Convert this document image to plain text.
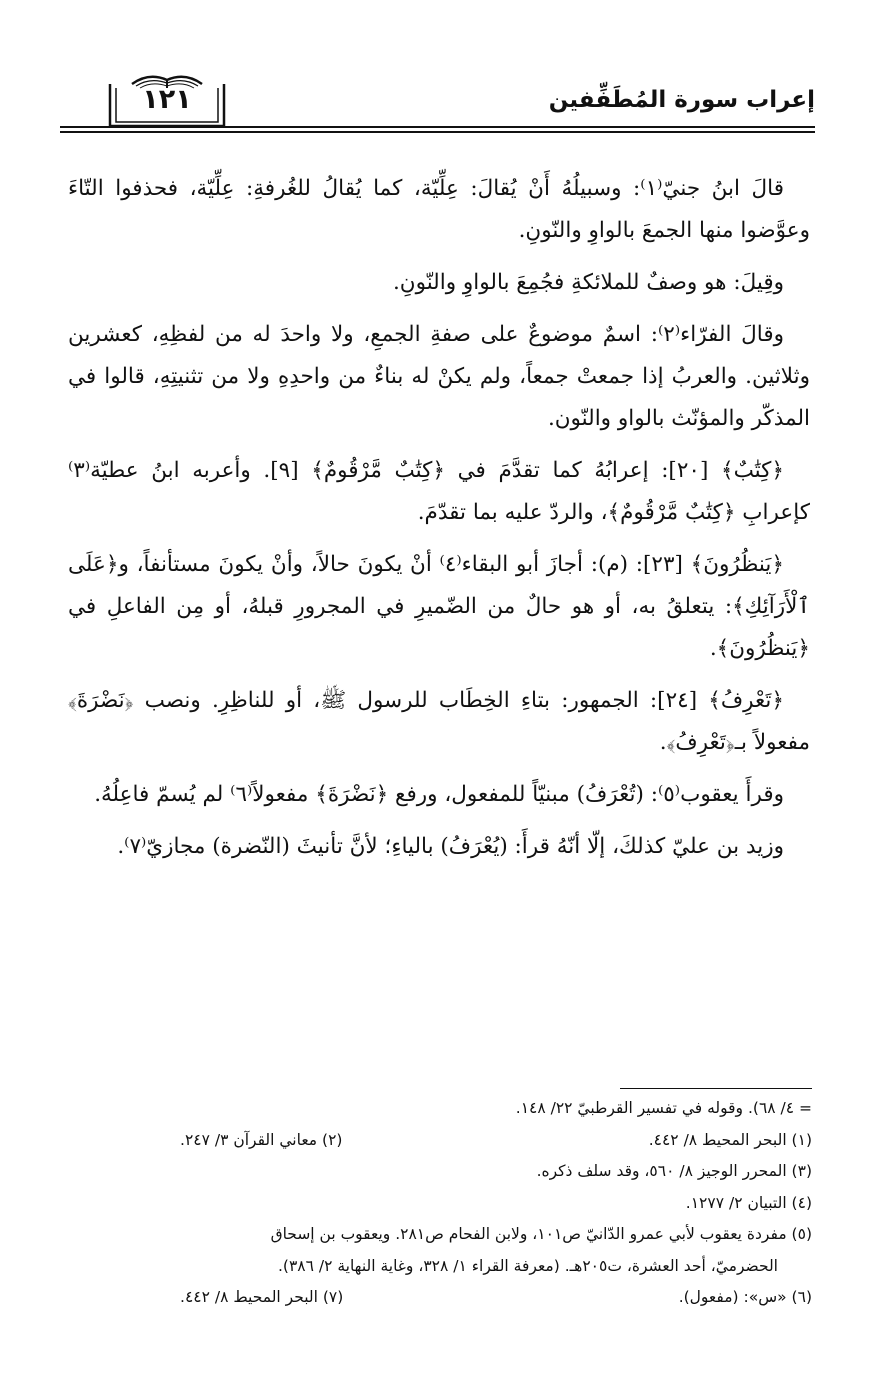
١٢١	إعراب سورة المُطَفِّفين

قالَ ابنُ جنيّ⁽١⁾: وسبيلُهُ أَنْ يُقالَ: عِلِّيّة، كما يُقالُ للغُرفةِ: عِلِّيّة، فحذفوا التّاءَ وعوَّضوا منها الجمعَ بالواوِ والنّونِ.

وقِيلَ: هو وصفٌ للملائكةِ فجُمِعَ بالواوِ والنّونِ.

وقالَ الفرّاء⁽٢⁾: اسمٌ موضوعٌ على صفةِ الجمعِ، ولا واحدَ له من لفظِهِ، كعشرين وثلاثين. والعربُ إذا جمعتْ جمعاً، ولم يكنْ له بناءٌ من واحدِهِ ولا من تثنيتِهِ، قالوا في المذكّر والمؤنّث بالواو والنّون.

﴿كِتَٰبٌ﴾ [٢٠]: إعرابُهُ كما تقدَّمَ في ﴿كِتَٰبٌ مَّرْقُومٌ﴾ [٩]. وأعربه ابنُ عطيّة⁽٣⁾ كإعرابِ ﴿كِتَٰبٌ مَّرْقُومٌ﴾، والردّ عليه بما تقدّمَ.

﴿يَنظُرُونَ﴾ [٢٣]: (م): أجازَ أبو البقاء⁽٤⁾ أنْ يكونَ حالاً، وأنْ يكونَ مستأنفاً، و﴿عَلَى ٱلْأَرَآئِكِ﴾: يتعلقُ به، أو هو حالٌ من الضّميرِ في المجرورِ قبلهُ، أو مِن الفاعلِ في ﴿يَنظُرُونَ﴾.

﴿تَعْرِفُ﴾ [٢٤]: الجمهور: بتاءِ الخِطَاب للرسول ﷺ، أو للناظِرِ. ونصب ﴿نَضْرَةَ﴾ مفعولاً بـ﴿تَعْرِفُ﴾.

وقرأَ يعقوب⁽٥⁾: (تُعْرَفُ) مبنيّاً للمفعول، ورفع ﴿نَضْرَةَ﴾ مفعولاً⁽٦⁾ لم يُسمّ فاعِلُهُ.

وزيد بن عليّ كذلكَ، إلّا أنّهُ قرأَ: (يُعْرَفُ) بالياءِ؛ لأنَّ تأنيثَ (النّضرة) مجازيّ⁽٧⁾.

= ٤/ ٦٨). وقوله في تفسير القرطبيّ ٢٢/ ١٤٨.
(١) البحر المحيط ٨/ ٤٤٢.
(٢) معاني القرآن ٣/ ٢٤٧.
(٣) المحرر الوجيز ٨/ ٥٦٠، وقد سلف ذكره.
(٤) التبيان ٢/ ١٢٧٧.
(٥) مفردة يعقوب لأبي عمرو الدّانيّ ص١٠١، ولابن الفحام ص٢٨١. ويعقوب بن إسحاق
الحضرميّ، أحد العشرة، ت٢٠٥هـ. (معرفة القراء ١/ ٣٢٨، وغاية النهاية ٢/ ٣٨٦).
(٦) «س»: (مفعول).
(٧) البحر المحيط ٨/ ٤٤٢.
